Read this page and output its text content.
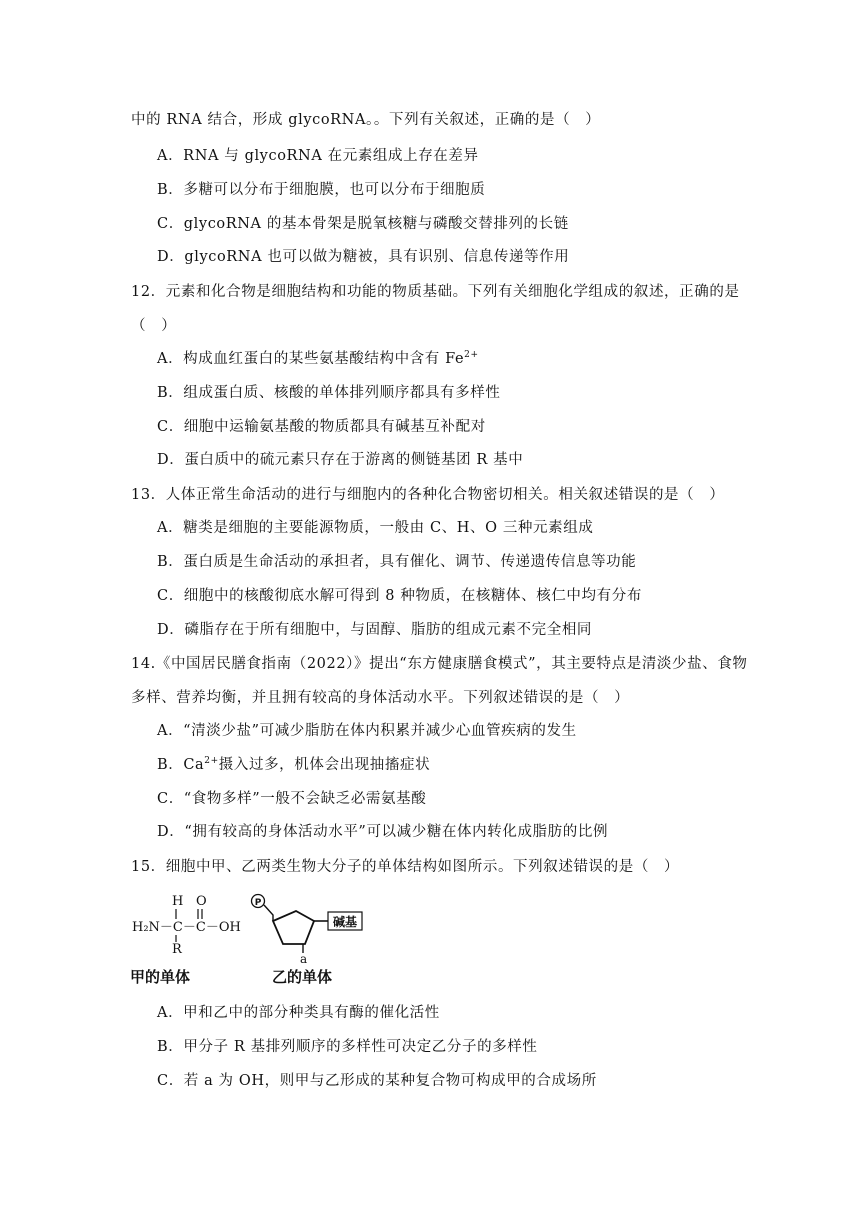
中的 RNA 结合，形成 glycoRNA。。下列有关叙述，正确的是（　）
A．RNA 与 glycoRNA 在元素组成上存在差异
B．多糖可以分布于细胞膜，也可以分布于细胞质
C．glycoRNA 的基本骨架是脱氧核糖与磷酸交替排列的长链
D．glycoRNA 也可以做为糖被，具有识别、信息传递等作用
12．元素和化合物是细胞结构和功能的物质基础。下列有关细胞化学组成的叙述，正确的是
（　）
A．构成血红蛋白的某些氨基酸结构中含有 $Fe^{2+}$
B．组成蛋白质、核酸的单体排列顺序都具有多样性
C．细胞中运输氨基酸的物质都具有碱基互补配对
D．蛋白质中的硫元素只存在于游离的侧链基团 R 基中
13．人体正常生命活动的进行与细胞内的各种化合物密切相关。相关叙述错误的是（　）
A．糖类是细胞的主要能源物质，一般由 C、H、O 三种元素组成
B．蛋白质是生命活动的承担者，具有催化、调节、传递遗传信息等功能
C．细胞中的核酸彻底水解可得到 8 种物质，在核糖体、核仁中均有分布
D．磷脂存在于所有细胞中，与固醇、脂肪的组成元素不完全相同
14.《中国居民膳食指南（2022）》提出“东方健康膳食模式”，其主要特点是清淡少盐、食物
多样、营养均衡，并且拥有较高的身体活动水平。下列叙述错误的是（　）
A．“清淡少盐”可减少脂肪在体内积累并减少心血管疾病的发生
B．$Ca^{2+}$摄入过多，机体会出现抽搐症状
C．“食物多样”一般不会缺乏必需氨基酸
D．“拥有较高的身体活动水平”可以减少糖在体内转化成脂肪的比例
15．细胞中甲、乙两类生物大分子的单体结构如图所示。下列叙述错误的是（　）
H O
H₂N－C－C－OH
R
P
碱基
a
甲的单体	乙的单体
A．甲和乙中的部分种类具有酶的催化活性
B．甲分子 R 基排列顺序的多样性可决定乙分子的多样性
C．若 a 为 OH，则甲与乙形成的某种复合物可构成甲的合成场所
